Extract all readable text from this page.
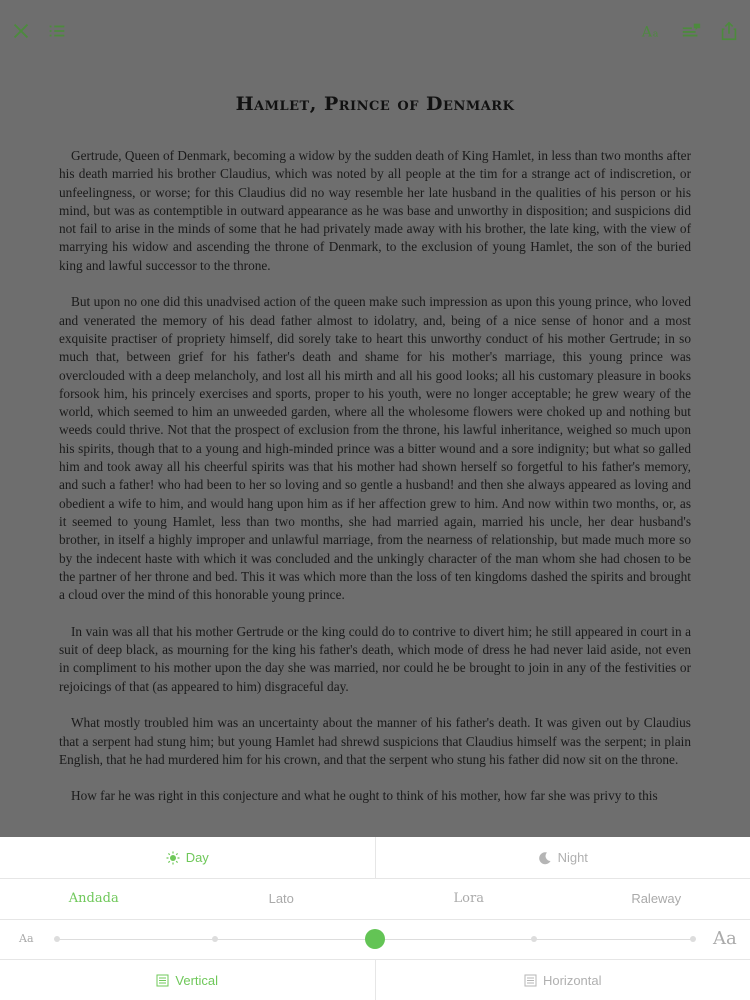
A a
Hamlet, Prince of Denmark

Gertrude, Queen of Denmark, becoming a widow by the sudden death of King Hamlet, in less than two months after his death married his brother Claudius, which was noted by all people at the tim for a strange act of indiscretion, or unfeelingness, or worse; for this Claudius did no way resemble her late husband in the qualities of his person or his mind, but was as contemptible in outward appearance as he was base and unworthy in disposition; and suspicions did not fail to arise in the minds of some that he had privately made away with his brother, the late king, with the view of marrying his widow and ascending the throne of Denmark, to the exclusion of young Hamlet, the son of the buried king and lawful successor to the throne.

But upon no one did this unadvised action of the queen make such impression as upon this young prince, who loved and venerated the memory of his dead father almost to idolatry, and, being of a nice sense of honor and a most exquisite practiser of propriety himself, did sorely take to heart this unworthy conduct of his mother Gertrude; in so much that, between grief for his father's death and shame for his mother's marriage, this young prince was overclouded with a deep melancholy, and lost all his mirth and all his good looks; all his customary pleasure in books forsook him, his princely exercises and sports, proper to his youth, were no longer acceptable; he grew weary of the world, which seemed to him an unweeded garden, where all the wholesome flowers were choked up and nothing but weeds could thrive. Not that the prospect of exclusion from the throne, his lawful inheritance, weighed so much upon his spirits, though that to a young and high-minded prince was a bitter wound and a sore indignity; but what so galled him and took away all his cheerful spirits was that his mother had shown herself so forgetful to his father's memory, and such a father! who had been to her so loving and so gentle a husband! and then she always appeared as loving and obedient a wife to him, and would hang upon him as if her affection grew to him. And now within two months, or, as it seemed to young Hamlet, less than two months, she had married again, married his uncle, her dear husband's brother, in itself a highly improper and unlawful marriage, from the nearness of relationship, but made much more so by the indecent haste with which it was concluded and the unkingly character of the man whom she had chosen to be the partner of her throne and bed. This it was which more than the loss of ten kingdoms dashed the spirits and brought a cloud over the mind of this honorable young prince.

In vain was all that his mother Gertrude or the king could do to contrive to divert him; he still appeared in court in a suit of deep black, as mourning for the king his father's death, which mode of dress he had never laid aside, not even in compliment to his mother upon the day she was married, nor could he be brought to join in any of the festivities or rejoicings of that (as appeared to him) disgraceful day.

What mostly troubled him was an uncertainty about the manner of his father's death. It was given out by Claudius that a serpent had stung him; but young Hamlet had shrewd suspicions that Claudius himself was the serpent; in plain English, that he had murdered him for his crown, and that the serpent who stung his father did now sit on the throne.

How far he was right in this conjecture and what he ought to think of his mother, how far she was privy to this

Day	Night
Andada	Lato	Lora	Raleway
Aa	Aa
Vertical	Horizontal
